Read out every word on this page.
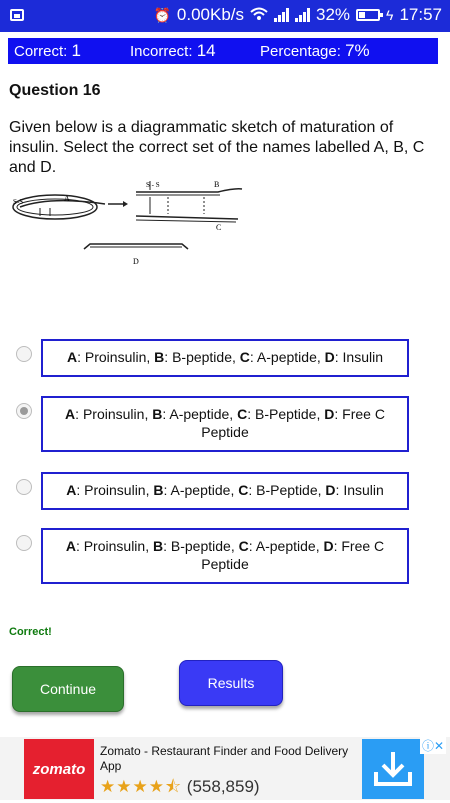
⏰ 0.00Kb/s	32%	ϟ 17:57
Correct: 1	Incorrect: 14	Percentage: 7%
Question 16
Given below is a diagrammatic sketch of maturation of insulin. Select the correct set of the names labelled A, B, C and D.
S-S	A
S - S	B
C
D
A: Proinsulin, B: B-peptide, C: A-peptide, D: Insulin
A: Proinsulin, B: A-peptide, C: B-Peptide, D: Free C Peptide
A: Proinsulin, B: A-peptide, C: B-Peptide, D: Insulin
A: Proinsulin, B: B-peptide, C: A-peptide, D: Free C Peptide
Correct!
Continue	Results
zomato
Zomato - Restaurant Finder and Food Delivery App
★★★★⯪ (558,859)
ⓘ✕
